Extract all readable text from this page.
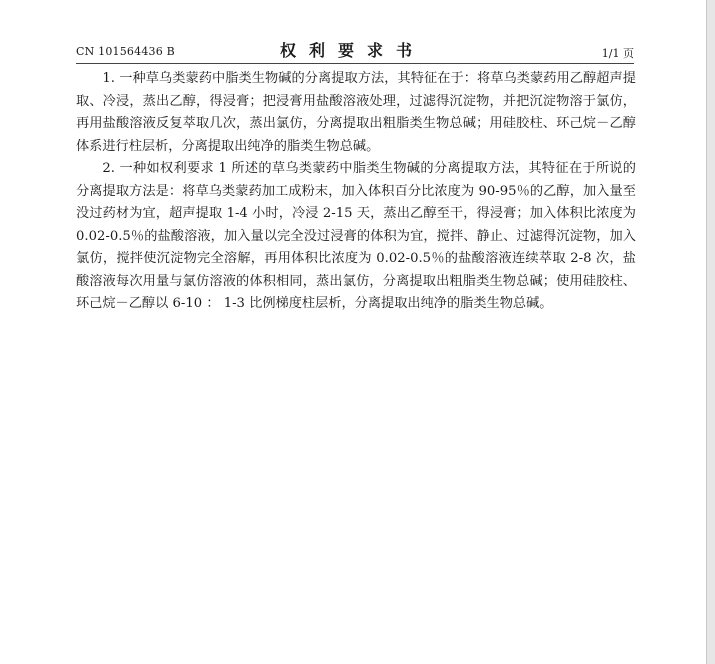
CN 101564436 B	权利要求书	1/1 页

1. 一种草乌类蒙药中脂类生物碱的分离提取方法，其特征在于：将草乌类蒙药用乙醇超声提取、冷浸，蒸出乙醇，得浸膏；把浸膏用盐酸溶液处理，过滤得沉淀物，并把沉淀物溶于氯仿，再用盐酸溶液反复萃取几次，蒸出氯仿，分离提取出粗脂类生物总碱；用硅胶柱、环己烷－乙醇体系进行柱层析，分离提取出纯净的脂类生物总碱。

2. 一种如权利要求 1 所述的草乌类蒙药中脂类生物碱的分离提取方法，其特征在于所说的分离提取方法是：将草乌类蒙药加工成粉末，加入体积百分比浓度为 90-95％的乙醇，加入量至没过药材为宜，超声提取 1-4 小时，冷浸 2-15 天，蒸出乙醇至干，得浸膏；加入体积比浓度为 0.02-0.5％的盐酸溶液，加入量以完全没过浸膏的体积为宜，搅拌、静止、过滤得沉淀物，加入氯仿，搅拌使沉淀物完全溶解，再用体积比浓度为 0.02-0.5％的盐酸溶液连续萃取 2-8 次，盐酸溶液每次用量与氯仿溶液的体积相同，蒸出氯仿，分离提取出粗脂类生物总碱；使用硅胶柱、环己烷－乙醇以 6-10 ： 1-3 比例梯度柱层析，分离提取出纯净的脂类生物总碱。
